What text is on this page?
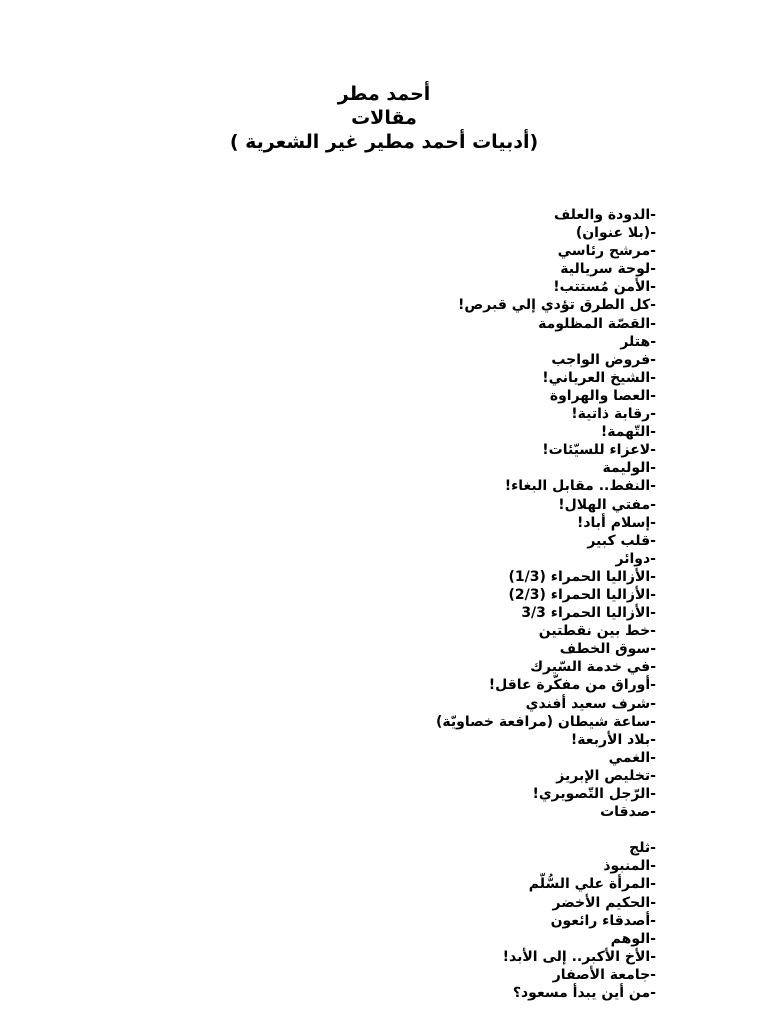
أحمد مطر
مقالات
(أدبيات أحمد مطير غير الشعرية )
-الدودة والعلف
-(بلا عنوان)
-مرشح رئاسي
-لوحة سريالية
-الأمن مُستتب!
-كل الطرق تؤدي إلي قبرص!
-القصّة المظلومة
-هتلر
-فروض الواجب
-الشيخ العرياني!
-العصا والهراوة
-رقابة ذاتية!
-التّهمة!
-لاعزاء للسيّئات!
-الوليمة
-النفط.. مقابل البغاء!
-مفتي الهلال!
-إسلام أباد!
-قلب كبير
-دوائر
-الأزاليا الحمراء (1/3)
-الأزاليا الحمراء (2/3)
-الأزاليا الحمراء 3/3
-خط بين نقطتين
-سوق الخطف
-في خدمة السّيرك
-أوراق من مفكّرة عاقل!
-شرف سعيد أفندي
-ساعة شيطان (مرافعة خصاويّة)
-بلاد الأربعة!
-الغمي
-تخليص الإبريز
-الرّجل التّصويري!
-صدقات
-ثلج
-المنبوذ
-المرأة علي السُّلّم
-الحكيم الأخضر
-أصدقاء رائعون
-الوهم
-الأخ الأكبر.. إلى الأبد!
-جامعة الأصفار
-من أين يبدأ مسعود؟
